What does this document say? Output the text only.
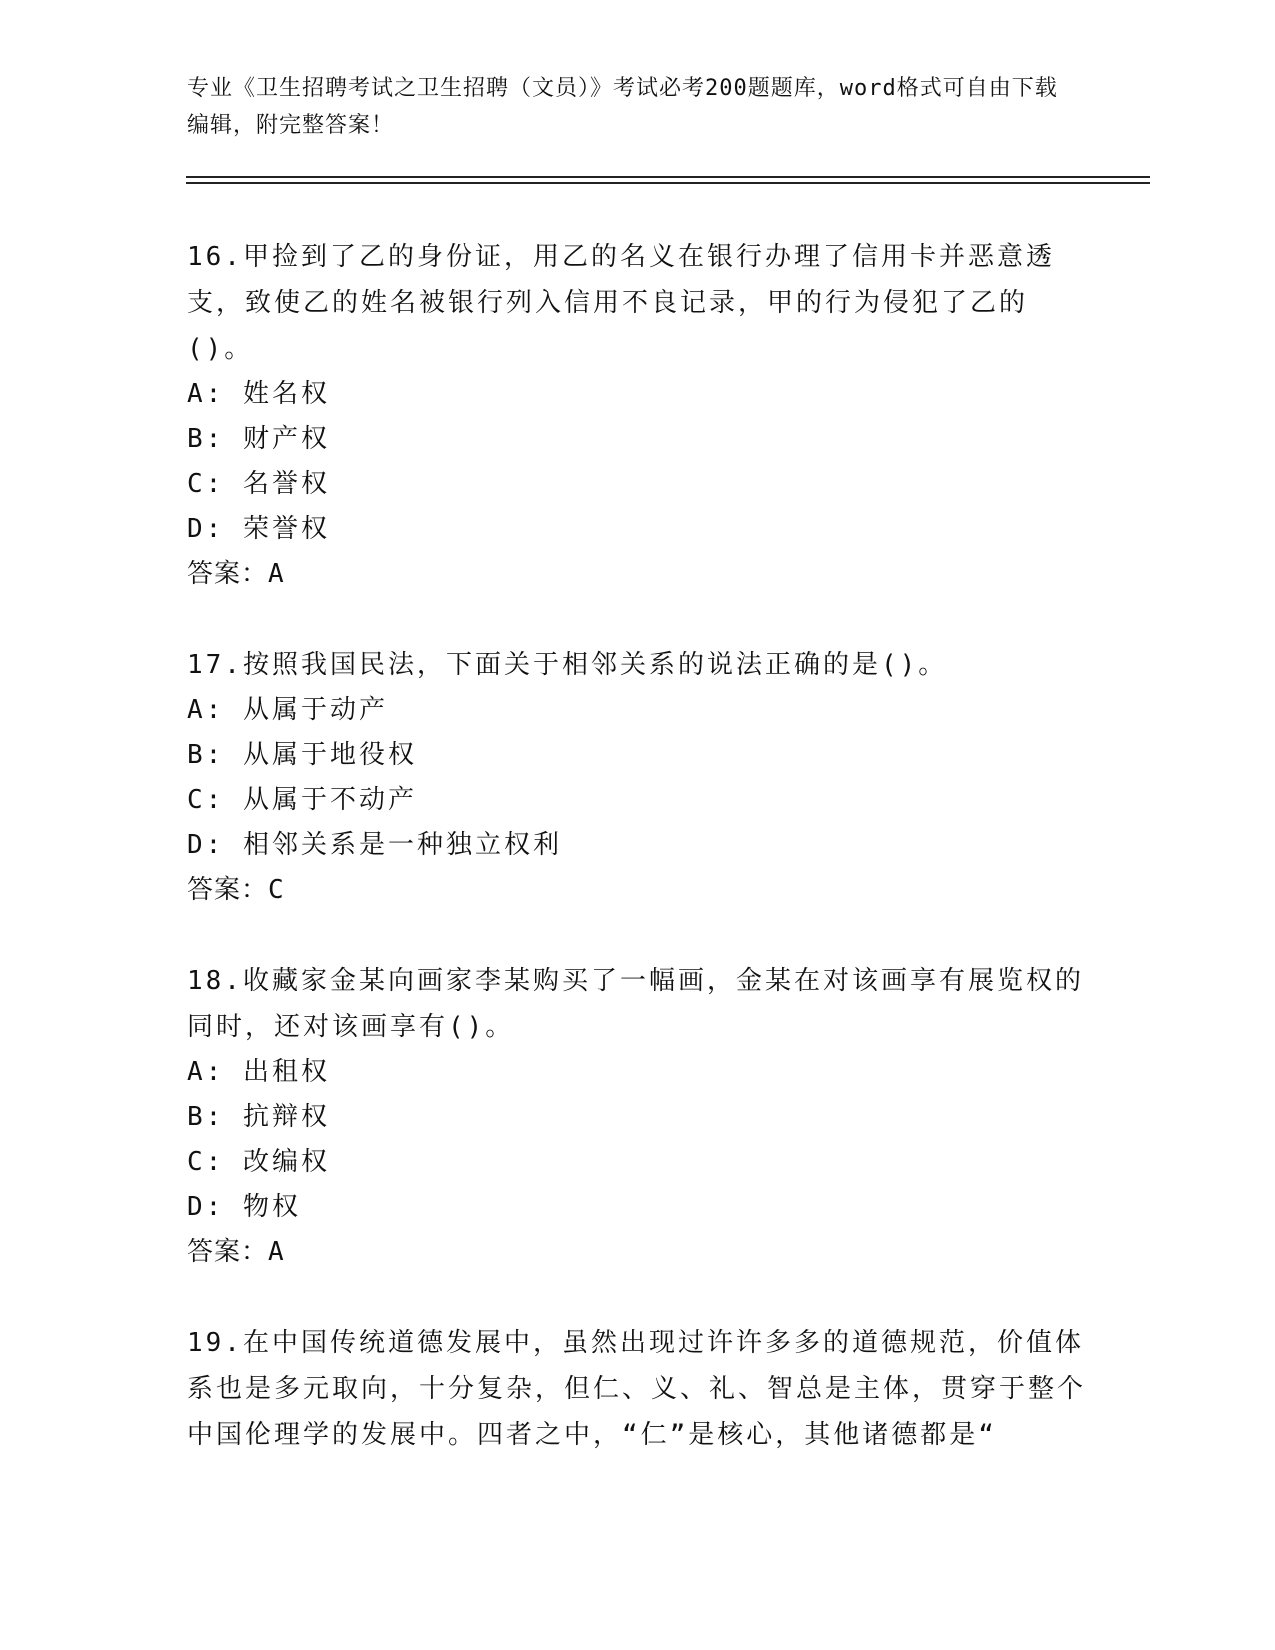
专业《卫生招聘考试之卫生招聘（文员）》考试必考200题题库，word格式可自由下载编辑，附完整答案！

16.甲捡到了乙的身份证，用乙的名义在银行办理了信用卡并恶意透支，致使乙的姓名被银行列入信用不良记录，甲的行为侵犯了乙的()。

A: 姓名权

B: 财产权

C: 名誉权

D: 荣誉权

答案：A

17.按照我国民法，下面关于相邻关系的说法正确的是()。

A: 从属于动产

B: 从属于地役权

C: 从属于不动产

D: 相邻关系是一种独立权利

答案：C

18.收藏家金某向画家李某购买了一幅画，金某在对该画享有展览权的同时，还对该画享有()。

A: 出租权

B: 抗辩权

C: 改编权

D: 物权

答案：A

19.在中国传统道德发展中，虽然出现过许许多多的道德规范，价值体系也是多元取向，十分复杂，但仁、义、礼、智总是主体，贯穿于整个中国伦理学的发展中。四者之中，“仁”是核心，其他诸德都是“
